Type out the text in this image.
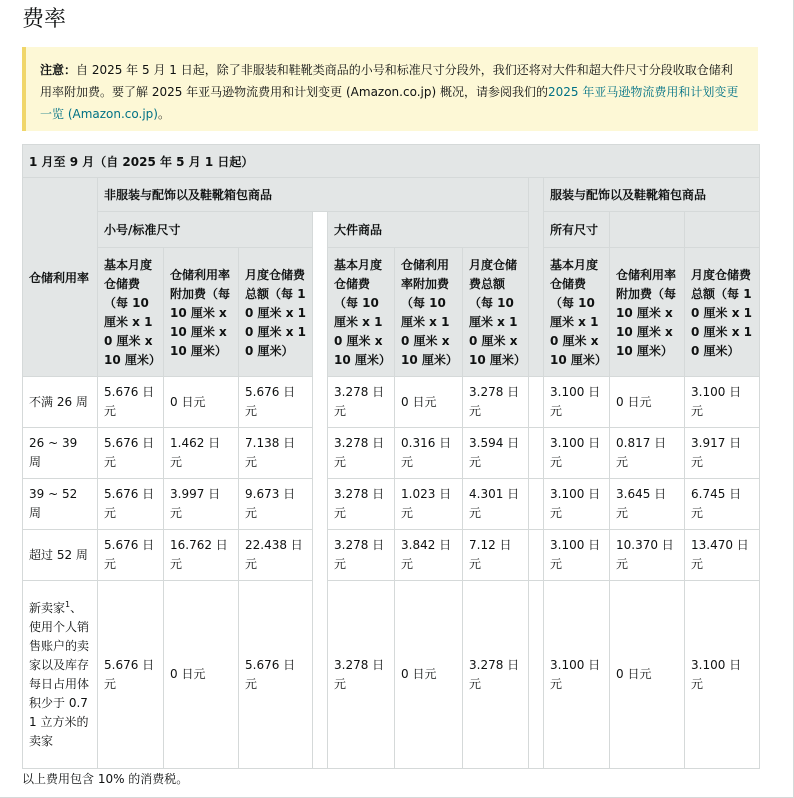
费率
注意：自 2025 年 5 月 1 日起，除了非服装和鞋靴类商品的小号和标准尺寸分段外，我们还将对大件和超大件尺寸分段收取仓储利用率附加费。要了解 2025 年亚马逊物流费用和计划变更 (Amazon.co.jp) 概况，请参阅我们的2025 年亚马逊物流费用和计划变更一览 (Amazon.co.jp)。
1 月至 9 月（自 2025 年 5 月 1 日起）											
仓储利用率	非服装与配饰以及鞋靴箱包商品								服装与配饰以及鞋靴箱包商品		
	小号/标准尺寸				大件商品				所有尺寸		
	基本月度仓储费（每 10 厘米 x 10 厘米 x 10 厘米）	仓储利用率附加费（每 10 厘米 x 10 厘米 x 10 厘米）	月度仓储费总额（每 10 厘米 x 10 厘米 x 10 厘米）		基本月度仓储费（每 10 厘米 x 10 厘米 x 10 厘米）	仓储利用率附加费（每 10 厘米 x 10 厘米 x 10 厘米）	月度仓储费总额（每 10 厘米 x 10 厘米 x 10 厘米）		基本月度仓储费（每 10 厘米 x 10 厘米 x 10 厘米）	仓储利用率附加费（每 10 厘米 x 10 厘米 x 10 厘米）	月度仓储费总额（每 10 厘米 x 10 厘米 x 10 厘米）
不满 26 周	5.676 日元	0 日元	5.676 日元		3.278 日元	0 日元	3.278 日元		3.100 日元	0 日元	3.100 日元
26 ~ 39 周	5.676 日元	1.462 日元	7.138 日元		3.278 日元	0.316 日元	3.594 日元		3.100 日元	0.817 日元	3.917 日元
39 ~ 52 周	5.676 日元	3.997 日元	9.673 日元		3.278 日元	1.023 日元	4.301 日元		3.100 日元	3.645 日元	6.745 日元
超过 52 周	5.676 日元	16.762 日元	22.438 日元		3.278 日元	3.842 日元	7.12 日元		3.100 日元	10.370 日元	13.470 日元
新卖家$^1$、使用个人销售账户的卖家以及库存每日占用体积少于 0.71 立方米的卖家	5.676 日元	0 日元	5.676 日元		3.278 日元	0 日元	3.278 日元		3.100 日元	0 日元	3.100 日元
以上费用包含 10% 的消费税。
